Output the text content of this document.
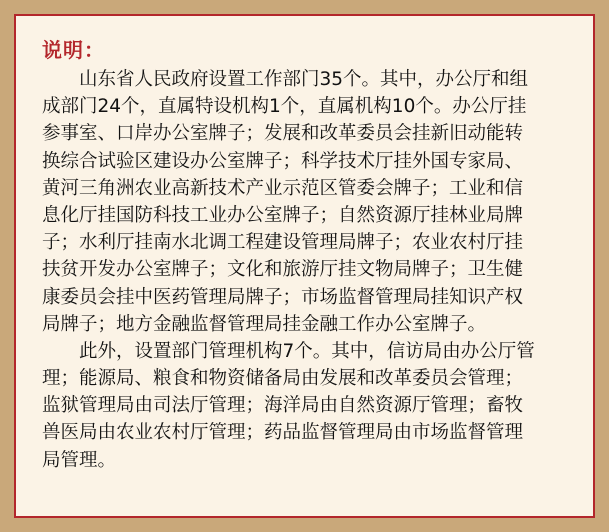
说明：
山东省人民政府设置工作部门35个。其中，办公厅和组
成部门24个，直属特设机构1个，直属机构10个。办公厅挂
参事室、口岸办公室牌子；发展和改革委员会挂新旧动能转
换综合试验区建设办公室牌子；科学技术厅挂外国专家局、
黄河三角洲农业高新技术产业示范区管委会牌子；工业和信
息化厅挂国防科技工业办公室牌子；自然资源厅挂林业局牌
子；水利厅挂南水北调工程建设管理局牌子；农业农村厅挂
扶贫开发办公室牌子；文化和旅游厅挂文物局牌子；卫生健
康委员会挂中医药管理局牌子；市场监督管理局挂知识产权
局牌子；地方金融监督管理局挂金融工作办公室牌子。
此外，设置部门管理机构7个。其中，信访局由办公厅管
理；能源局、粮食和物资储备局由发展和改革委员会管理；
监狱管理局由司法厅管理；海洋局由自然资源厅管理；畜牧
兽医局由农业农村厅管理；药品监督管理局由市场监督管理
局管理。
